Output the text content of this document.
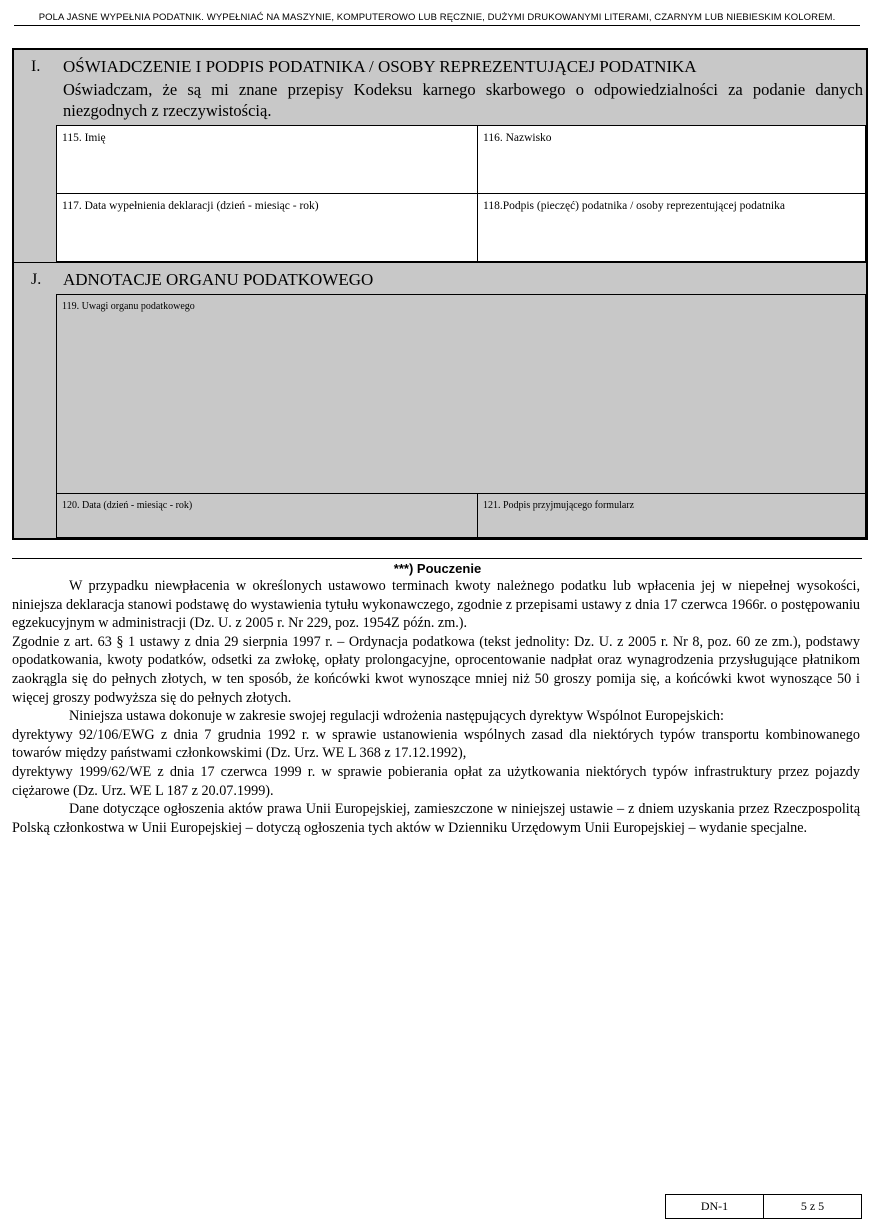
POLA JASNE WYPEŁNIA PODATNIK. WYPEŁNIAĆ NA MASZYNIE, KOMPUTEROWO LUB RĘCZNIE, DUŻYMI DRUKOWANYMI LITERAMI, CZARNYM LUB NIEBIESKIM KOLOREM.
I. OŚWIADCZENIE I PODPIS PODATNIKA / OSOBY REPREZENTUJĄCEJ PODATNIKA
Oświadczam, że są mi znane przepisy Kodeksu karnego skarbowego o odpowiedzialności za podanie danych niezgodnych z rzeczywistością.
115. Imię	116. Nazwisko
117. Data wypełnienia deklaracji (dzień - miesiąc - rok)	118.Podpis (pieczęć) podatnika / osoby reprezentującej podatnika
J. ADNOTACJE ORGANU PODATKOWEGO
119. Uwagi organu podatkowego
120. Data (dzień - miesiąc - rok)	121. Podpis przyjmującego formularz
***) Pouczenie

W przypadku niewpłacenia w określonych ustawowo terminach kwoty należnego podatku lub wpłacenia jej w niepełnej wysokości, niniejsza deklaracja stanowi podstawę do wystawienia tytułu wykonawczego, zgodnie z przepisami ustawy z dnia 17 czerwca 1966r. o postępowaniu egzekucyjnym w administracji (Dz. U. z 2005 r. Nr 229, poz. 1954Z późn. zm.).

Zgodnie z art. 63 § 1 ustawy z dnia 29 sierpnia 1997 r. – Ordynacja podatkowa (tekst jednolity: Dz. U. z 2005 r. Nr 8, poz. 60 ze zm.), podstawy opodatkowania, kwoty podatków, odsetki za zwłokę, opłaty prolongacyjne, oprocentowanie nadpłat oraz wynagrodzenia przysługujące płatnikom zaokrągla się do pełnych złotych, w ten sposób, że końcówki kwot wynoszące mniej niż 50 groszy pomija się, a końcówki kwot wynoszące 50 i więcej groszy podwyższa się do pełnych złotych.

Niniejsza ustawa dokonuje w zakresie swojej regulacji wdrożenia następujących dyrektyw Wspólnot Europejskich:

dyrektywy 92/106/EWG z dnia 7 grudnia 1992 r. w sprawie ustanowienia wspólnych zasad dla niektórych typów transportu kombinowanego towarów między państwami członkowskimi (Dz. Urz. WE L 368 z 17.12.1992),

dyrektywy 1999/62/WE z dnia 17 czerwca 1999 r. w sprawie pobierania opłat za użytkowania niektórych typów infrastruktury przez pojazdy ciężarowe (Dz. Urz. WE L 187 z 20.07.1999).

Dane dotyczące ogłoszenia aktów prawa Unii Europejskiej, zamieszczone w niniejszej ustawie – z dniem uzyskania przez Rzeczpospolitą Polską członkostwa w Unii Europejskiej – dotyczą ogłoszenia tych aktów w Dzienniku Urzędowym Unii Europejskiej – wydanie specjalne.

DN-1	5 z 5
